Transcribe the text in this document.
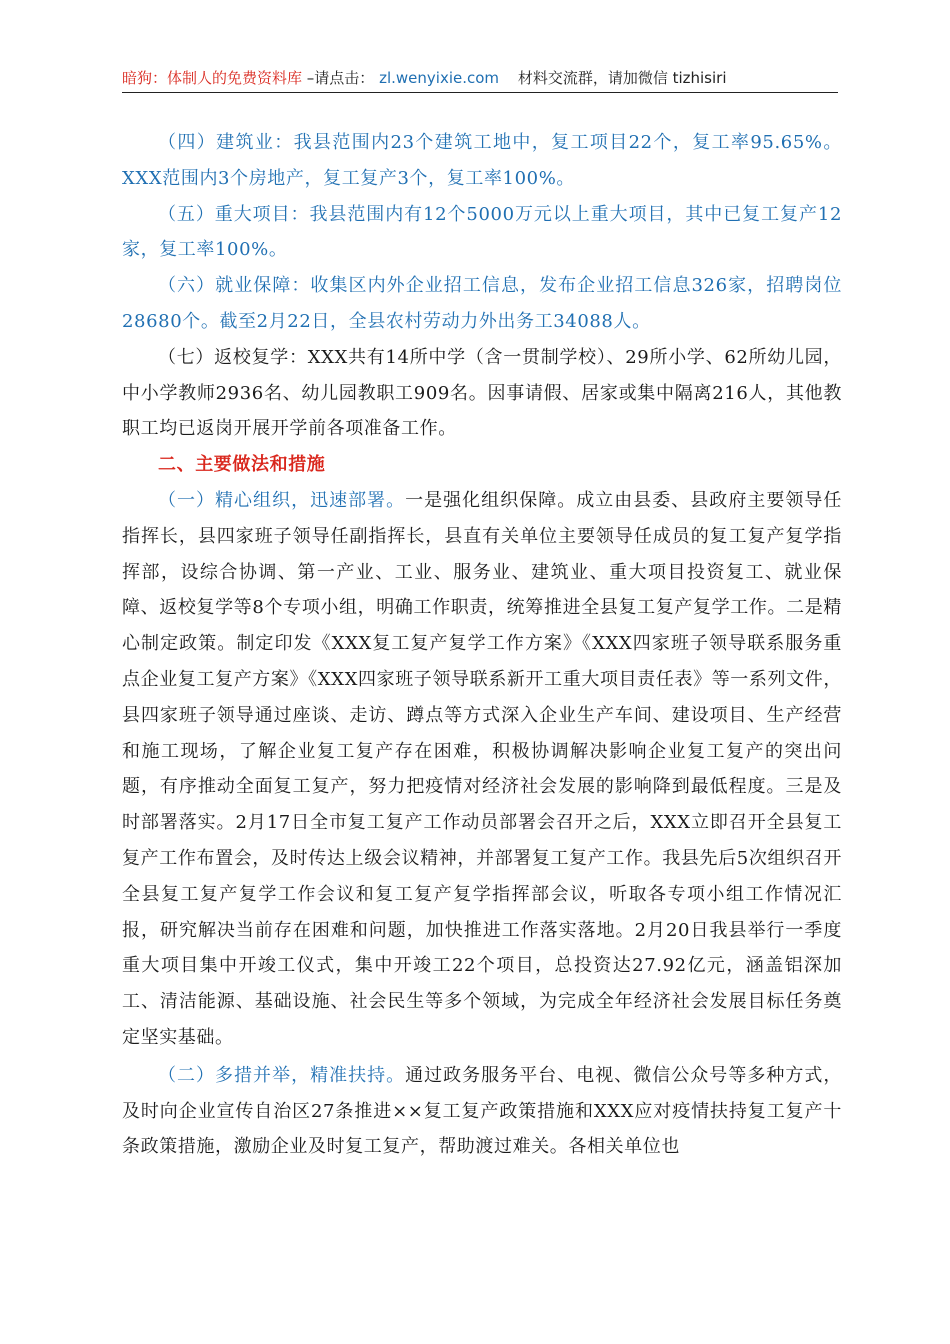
暗狗：体制人的免费资料库 –请点击： zl.wenyixie.com 材料交流群，请加微信 tizhisiri

（四）建筑业：我县范围内23个建筑工地中，复工项目22个，复工率95.65%。XXX范围内3个房地产，复工复产3个，复工率100%。

（五）重大项目：我县范围内有12个5000万元以上重大项目，其中已复工复产12家，复工率100%。

（六）就业保障：收集区内外企业招工信息，发布企业招工信息326家，招聘岗位28680个。截至2月22日，全县农村劳动力外出务工34088人。

（七）返校复学：XXX共有14所中学（含一贯制学校）、29所小学、62所幼儿园，中小学教师2936名、幼儿园教职工909名。因事请假、居家或集中隔离216人，其他教职工均已返岗开展开学前各项准备工作。

二、主要做法和措施

（一）精心组织，迅速部署。一是强化组织保障。成立由县委、县政府主要领导任指挥长，县四家班子领导任副指挥长，县直有关单位主要领导任成员的复工复产复学指挥部，设综合协调、第一产业、工业、服务业、建筑业、重大项目投资复工、就业保障、返校复学等8个专项小组，明确工作职责，统筹推进全县复工复产复学工作。二是精心制定政策。制定印发《XXX复工复产复学工作方案》《XXX四家班子领导联系服务重点企业复工复产方案》《XXX四家班子领导联系新开工重大项目责任表》等一系列文件，县四家班子领导通过座谈、走访、蹲点等方式深入企业生产车间、建设项目、生产经营和施工现场，了解企业复工复产存在困难，积极协调解决影响企业复工复产的突出问题，有序推动全面复工复产，努力把疫情对经济社会发展的影响降到最低程度。三是及时部署落实。2月17日全市复工复产工作动员部署会召开之后，XXX立即召开全县复工复产工作布置会，及时传达上级会议精神，并部署复工复产工作。我县先后5次组织召开全县复工复产复学工作会议和复工复产复学指挥部会议，听取各专项小组工作情况汇报，研究解决当前存在困难和问题，加快推进工作落实落地。2月20日我县举行一季度重大项目集中开竣工仪式，集中开竣工22个项目，总投资达27.92亿元，涵盖铝深加工、清洁能源、基础设施、社会民生等多个领域，为完成全年经济社会发展目标任务奠定坚实基础。

（二）多措并举，精准扶持。通过政务服务平台、电视、微信公众号等多种方式，及时向企业宣传自治区27条推进××复工复产政策措施和XXX应对疫情扶持复工复产十条政策措施，激励企业及时复工复产，帮助渡过难关。各相关单位也
